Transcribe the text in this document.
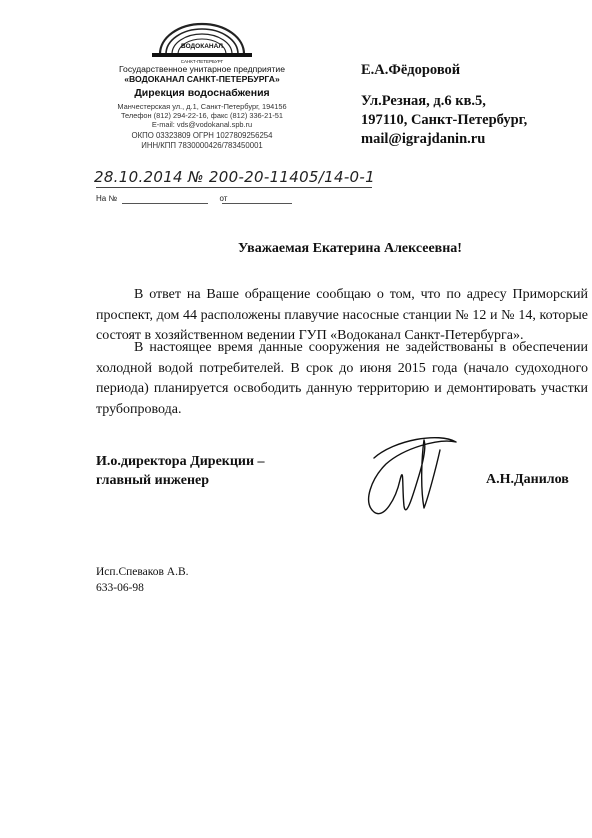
ВОДОКАНАЛ
САНКТ-ПЕТЕРБУРГ
Государственное унитарное предприятие
«ВОДОКАНАЛ САНКТ-ПЕТЕРБУРГА»
Дирекция водоснабжения
Манчестерская ул., д.1, Санкт-Петербург, 194156
Телефон (812) 294-22-16, факс (812) 336-21-51
E-mail: vds@vodokanal.spb.ru
ОКПО 03323809 ОГРН 1027809256254
ИНН/КПП 7830000426/783450001
Е.А.Фёдоровой
Ул.Резная, д.6 кв.5,
197110, Санкт-Петербург,
mail@igrajdanin.ru
28.10.2014 № 200-20-11405/14-0-1
На №	от
Уважаемая Екатерина Алексеевна!

В ответ на Ваше обращение сообщаю о том, что по адресу Приморский проспект, дом 44 расположены плавучие насосные станции № 12 и № 14, которые состоят в хозяйственном ведении ГУП «Водоканал Санкт-Петербурга».

В настоящее время данные сооружения не задействованы в обеспечении холодной водой потребителей. В срок до июня 2015 года (начало судоходного периода) планируется освободить данную территорию и демонтировать участки трубопровода.

И.о.директора Дирекции –
главный инженер	А.Н.Данилов
Исп.Спеваков А.В.
633-06-98
